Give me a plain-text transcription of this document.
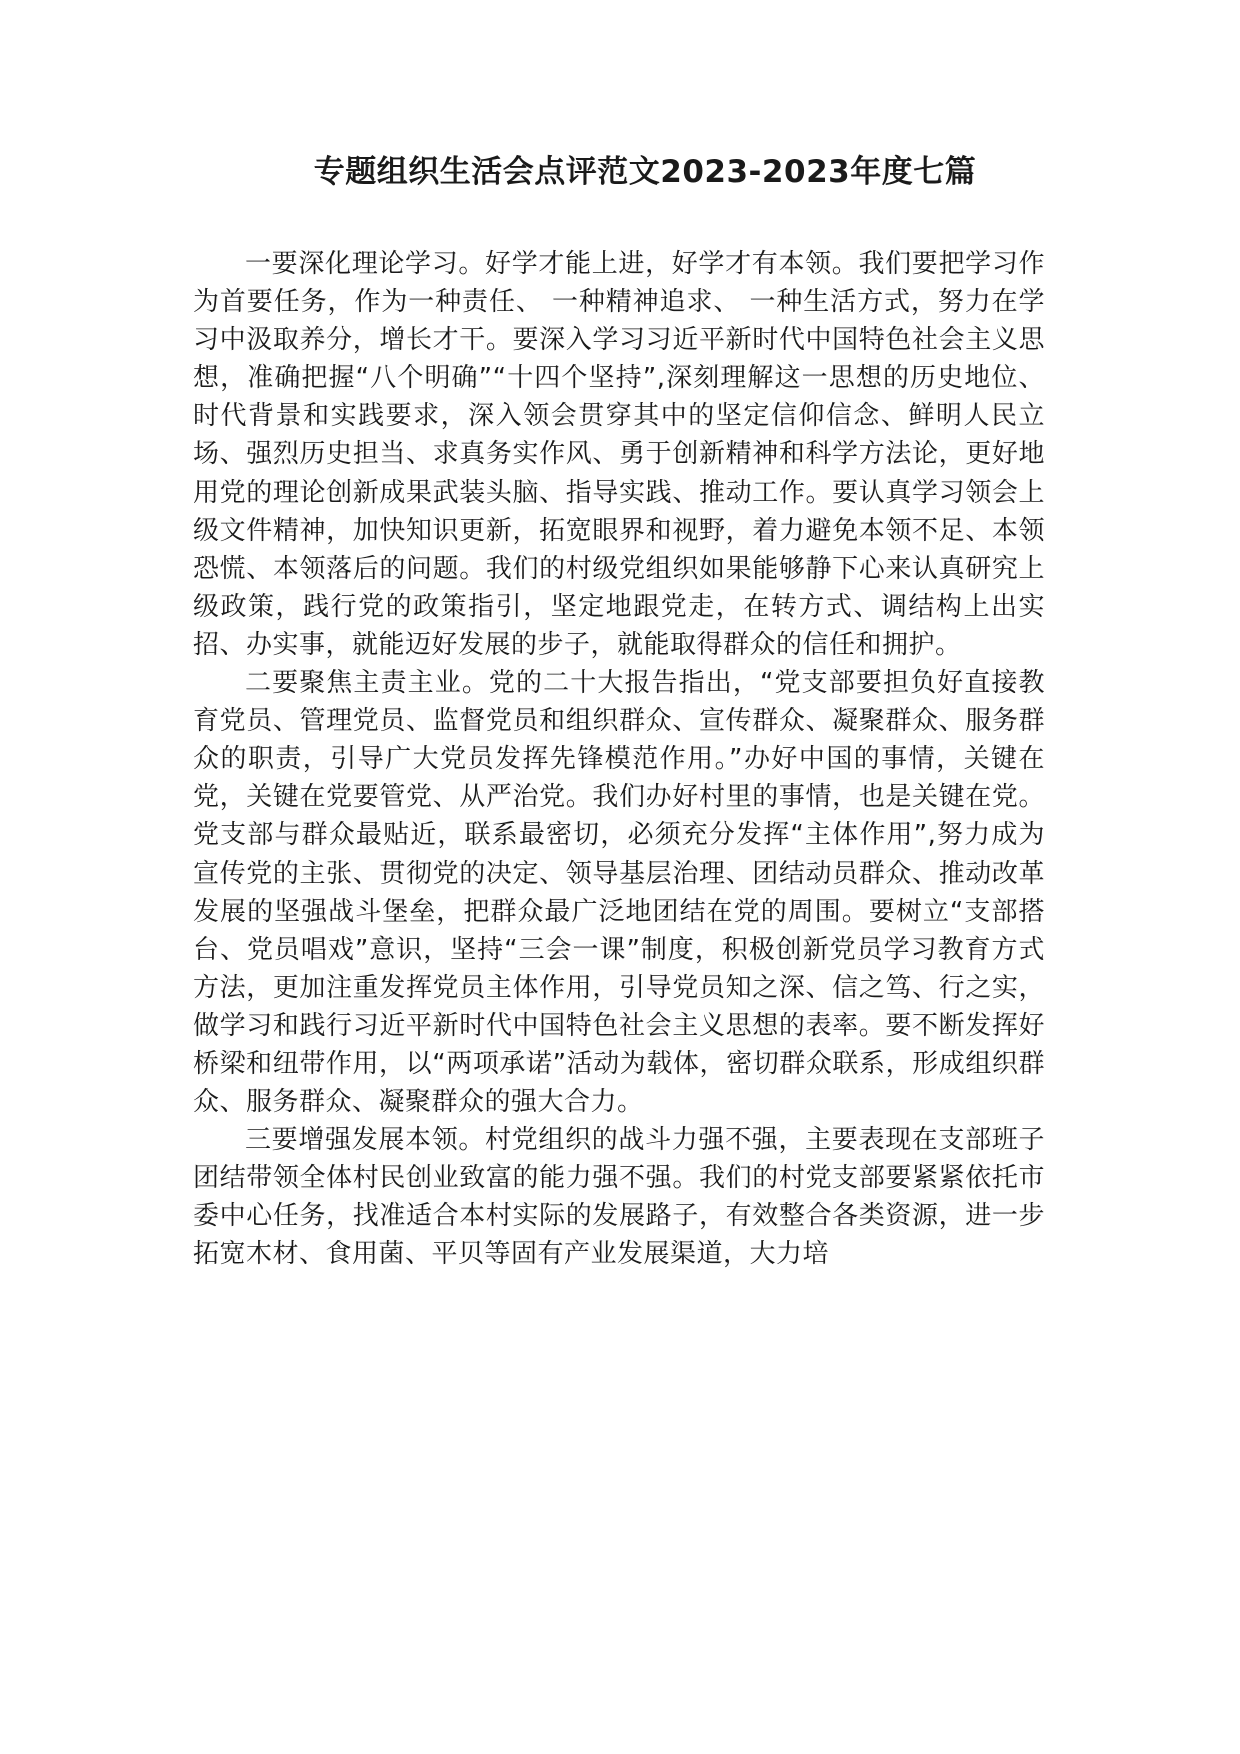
专题组织生活会点评范文2023-2023年度七篇

一要深化理论学习。好学才能上进，好学才有本领。我们要把学习作为首要任务，作为一种责任、 一种精神追求、 一种生活方式，努力在学习中汲取养分，增长才干。要深入学习习近平新时代中国特色社会主义思想，准确把握“八个明确”“十四个坚持”,深刻理解这一思想的历史地位、时代背景和实践要求，深入领会贯穿其中的坚定信仰信念、鲜明人民立场、强烈历史担当、求真务实作风、勇于创新精神和科学方法论，更好地用党的理论创新成果武装头脑、指导实践、推动工作。要认真学习领会上级文件精神，加快知识更新，拓宽眼界和视野，着力避免本领不足、本领恐慌、本领落后的问题。我们的村级党组织如果能够静下心来认真研究上级政策，践行党的政策指引，坚定地跟党走，在转方式、调结构上出实招、办实事，就能迈好发展的步子，就能取得群众的信任和拥护。

二要聚焦主责主业。党的二十大报告指出，“党支部要担负好直接教育党员、管理党员、监督党员和组织群众、宣传群众、凝聚群众、服务群众的职责，引导广大党员发挥先锋模范作用。”办好中国的事情，关键在党，关键在党要管党、从严治党。我们办好村里的事情，也是关键在党。党支部与群众最贴近，联系最密切，必须充分发挥“主体作用”,努力成为宣传党的主张、贯彻党的决定、领导基层治理、团结动员群众、推动改革发展的坚强战斗堡垒，把群众最广泛地团结在党的周围。要树立“支部搭台、党员唱戏”意识，坚持“三会一课”制度，积极创新党员学习教育方式方法，更加注重发挥党员主体作用，引导党员知之深、信之笃、行之实，做学习和践行习近平新时代中国特色社会主义思想的表率。要不断发挥好桥梁和纽带作用，以“两项承诺”活动为载体，密切群众联系，形成组织群众、服务群众、凝聚群众的强大合力。

三要增强发展本领。村党组织的战斗力强不强，主要表现在支部班子团结带领全体村民创业致富的能力强不强。我们的村党支部要紧紧依托市委中心任务，找准适合本村实际的发展路子，有效整合各类资源，进一步拓宽木材、食用菌、平贝等固有产业发展渠道，大力培
